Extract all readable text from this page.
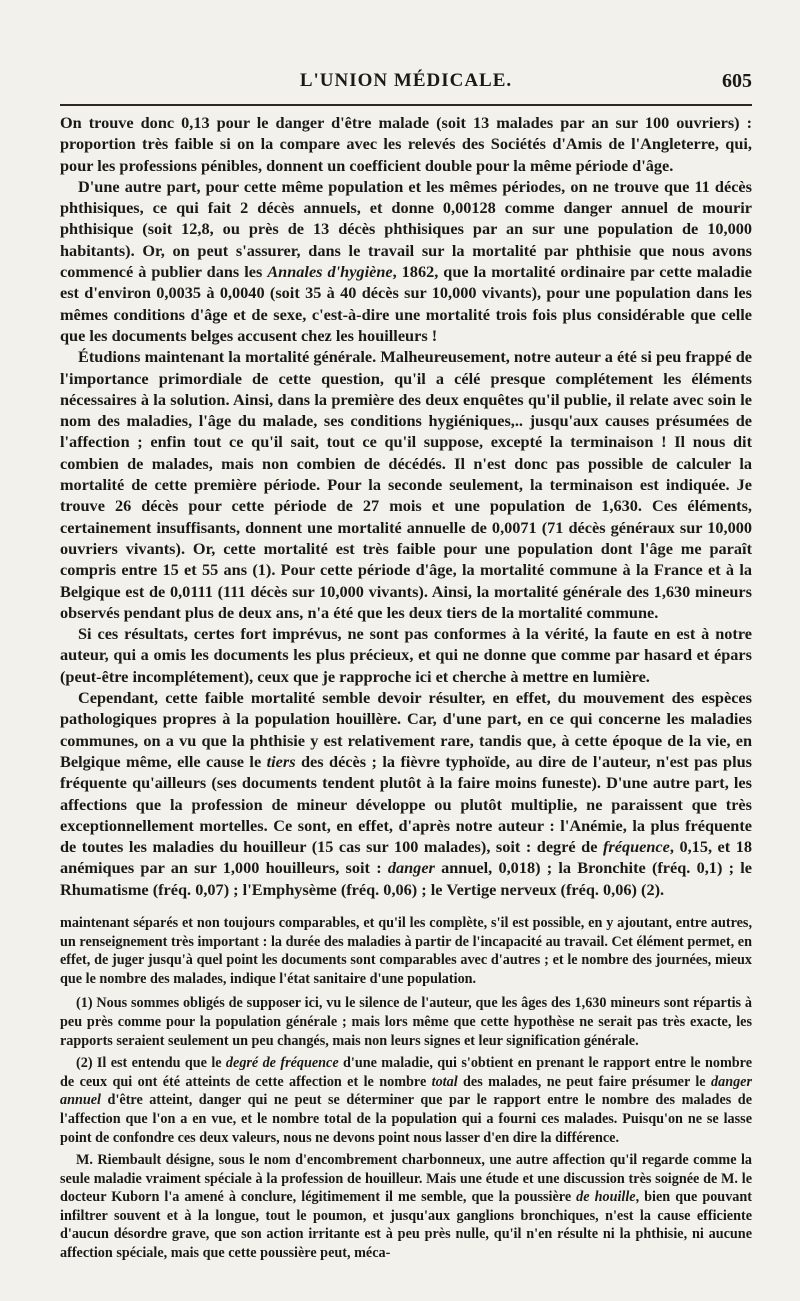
L'UNION MÉDICALE.	605

On trouve donc 0,13 pour le danger d'être malade (soit 13 malades par an sur 100 ouvriers) : proportion très faible si on la compare avec les relevés des Sociétés d'Amis de l'Angleterre, qui, pour les professions pénibles, donnent un coefficient double pour la même période d'âge.

D'une autre part, pour cette même population et les mêmes périodes, on ne trouve que 11 décès phthisiques, ce qui fait 2 décès annuels, et donne 0,00128 comme danger annuel de mourir phthisique (soit 12,8, ou près de 13 décès phthisiques par an sur une population de 10,000 habitants). Or, on peut s'assurer, dans le travail sur la mortalité par phthisie que nous avons commencé à publier dans les Annales d'hygiène, 1862, que la mortalité ordinaire par cette maladie est d'environ 0,0035 à 0,0040 (soit 35 à 40 décès sur 10,000 vivants), pour une population dans les mêmes conditions d'âge et de sexe, c'est-à-dire une mortalité trois fois plus considérable que celle que les documents belges accusent chez les houilleurs !

Étudions maintenant la mortalité générale. Malheureusement, notre auteur a été si peu frappé de l'importance primordiale de cette question, qu'il a célé presque complétement les éléments nécessaires à la solution. Ainsi, dans la première des deux enquêtes qu'il publie, il relate avec soin le nom des maladies, l'âge du malade, ses conditions hygiéniques,.. jusqu'aux causes présumées de l'affection ; enfin tout ce qu'il sait, tout ce qu'il suppose, excepté la terminaison ! Il nous dit combien de malades, mais non combien de décédés. Il n'est donc pas possible de calculer la mortalité de cette première période. Pour la seconde seulement, la terminaison est indiquée. Je trouve 26 décès pour cette période de 27 mois et une population de 1,630. Ces éléments, certainement insuffisants, donnent une mortalité annuelle de 0,0071 (71 décès généraux sur 10,000 ouvriers vivants). Or, cette mortalité est très faible pour une population dont l'âge me paraît compris entre 15 et 55 ans (1). Pour cette période d'âge, la mortalité commune à la France et à la Belgique est de 0,0111 (111 décès sur 10,000 vivants). Ainsi, la mortalité générale des 1,630 mineurs observés pendant plus de deux ans, n'a été que les deux tiers de la mortalité commune.

Si ces résultats, certes fort imprévus, ne sont pas conformes à la vérité, la faute en est à notre auteur, qui a omis les documents les plus précieux, et qui ne donne que comme par hasard et épars (peut-être incomplétement), ceux que je rapproche ici et cherche à mettre en lumière.

Cependant, cette faible mortalité semble devoir résulter, en effet, du mouvement des espèces pathologiques propres à la population houillère. Car, d'une part, en ce qui concerne les maladies communes, on a vu que la phthisie y est relativement rare, tandis que, à cette époque de la vie, en Belgique même, elle cause le tiers des décès ; la fièvre typhoïde, au dire de l'auteur, n'est pas plus fréquente qu'ailleurs (ses documents tendent plutôt à la faire moins funeste). D'une autre part, les affections que la profession de mineur développe ou plutôt multiplie, ne paraissent que très exceptionnellement mortelles. Ce sont, en effet, d'après notre auteur : l'Anémie, la plus fréquente de toutes les maladies du houilleur (15 cas sur 100 malades), soit : degré de fréquence, 0,15, et 18 anémiques par an sur 1,000 houilleurs, soit : danger annuel, 0,018) ; la Bronchite (fréq. 0,1) ; le Rhumatisme (fréq. 0,07) ; l'Emphysème (fréq. 0,06) ; le Vertige nerveux (fréq. 0,06) (2).

maintenant séparés et non toujours comparables, et qu'il les complète, s'il est possible, en y ajoutant, entre autres, un renseignement très important : la durée des maladies à partir de l'incapacité au travail. Cet élément permet, en effet, de juger jusqu'à quel point les documents sont comparables avec d'autres ; et le nombre des journées, mieux que le nombre des malades, indique l'état sanitaire d'une population.

(1) Nous sommes obligés de supposer ici, vu le silence de l'auteur, que les âges des 1,630 mineurs sont répartis à peu près comme pour la population générale ; mais lors même que cette hypothèse ne serait pas très exacte, les rapports seraient seulement un peu changés, mais non leurs signes et leur signification générale.

(2) Il est entendu que le degré de fréquence d'une maladie, qui s'obtient en prenant le rapport entre le nombre de ceux qui ont été atteints de cette affection et le nombre total des malades, ne peut faire présumer le danger annuel d'être atteint, danger qui ne peut se déterminer que par le rapport entre le nombre des malades de l'affection que l'on a en vue, et le nombre total de la population qui a fourni ces malades. Puisqu'on ne se lasse point de confondre ces deux valeurs, nous ne devons point nous lasser d'en dire la différence.

M. Riembault désigne, sous le nom d'encombrement charbonneux, une autre affection qu'il regarde comme la seule maladie vraiment spéciale à la profession de houilleur. Mais une étude et une discussion très soignée de M. le docteur Kuborn l'a amené à conclure, légitimement il me semble, que la poussière de houille, bien que pouvant infiltrer souvent et à la longue, tout le poumon, et jusqu'aux ganglions bronchiques, n'est la cause efficiente d'aucun désordre grave, que son action irritante est à peu près nulle, qu'il n'en résulte ni la phthisie, ni aucune affection spéciale, mais que cette poussière peut, méca-
